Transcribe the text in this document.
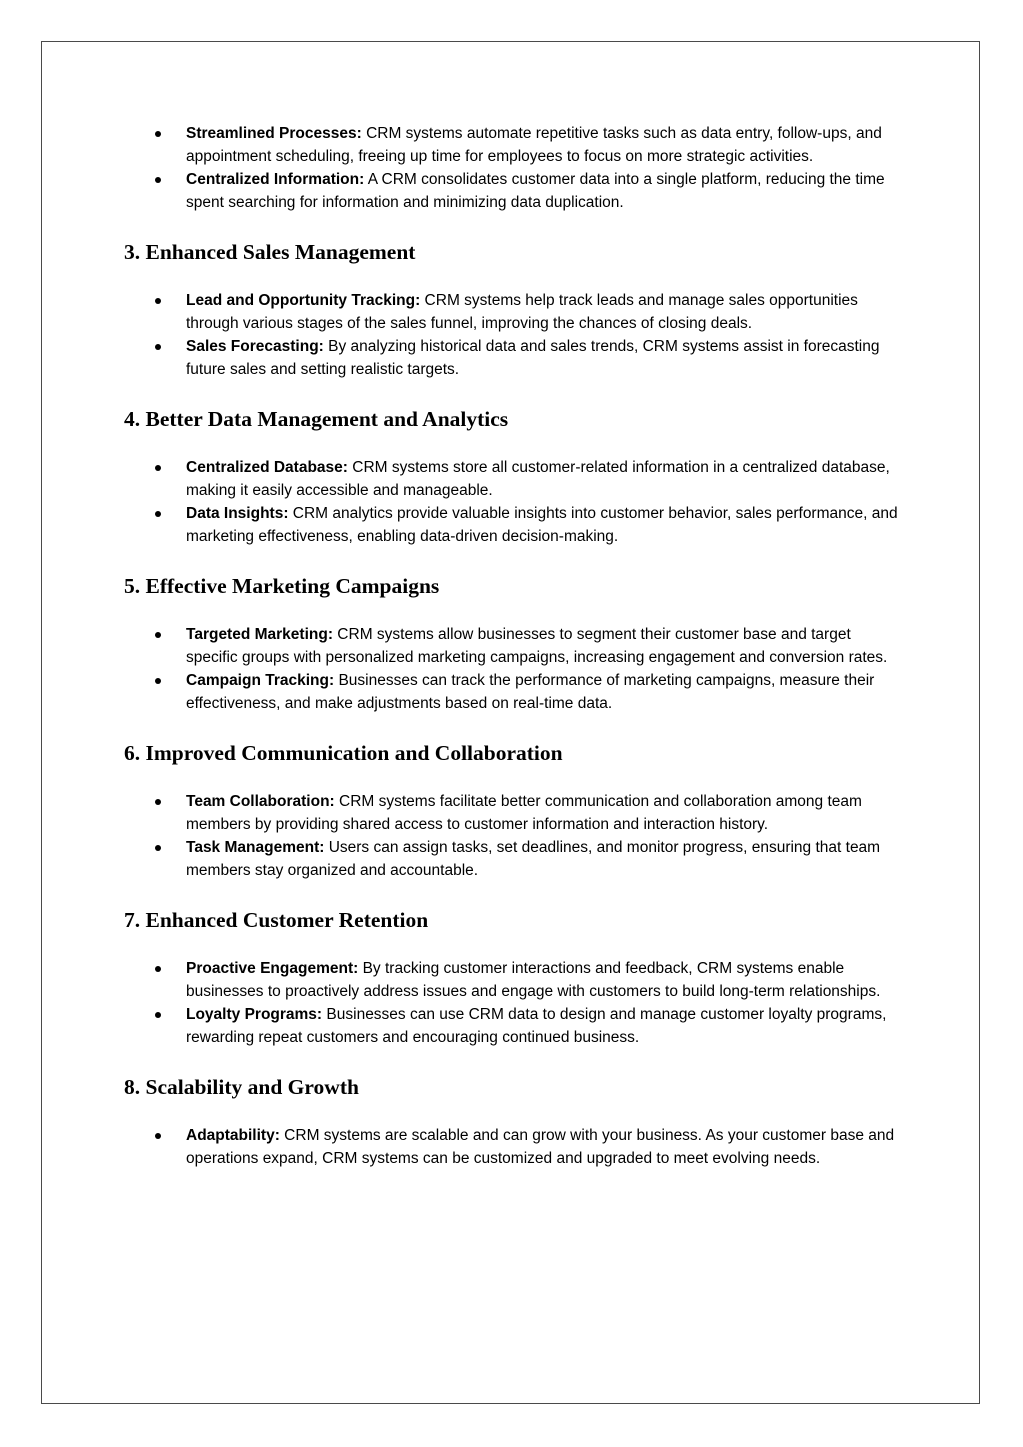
Streamlined Processes: CRM systems automate repetitive tasks such as data entry, follow-ups, and appointment scheduling, freeing up time for employees to focus on more strategic activities.
Centralized Information: A CRM consolidates customer data into a single platform, reducing the time spent searching for information and minimizing data duplication.
3. Enhanced Sales Management
Lead and Opportunity Tracking: CRM systems help track leads and manage sales opportunities through various stages of the sales funnel, improving the chances of closing deals.
Sales Forecasting: By analyzing historical data and sales trends, CRM systems assist in forecasting future sales and setting realistic targets.
4. Better Data Management and Analytics
Centralized Database: CRM systems store all customer-related information in a centralized database, making it easily accessible and manageable.
Data Insights: CRM analytics provide valuable insights into customer behavior, sales performance, and marketing effectiveness, enabling data-driven decision-making.
5. Effective Marketing Campaigns
Targeted Marketing: CRM systems allow businesses to segment their customer base and target specific groups with personalized marketing campaigns, increasing engagement and conversion rates.
Campaign Tracking: Businesses can track the performance of marketing campaigns, measure their effectiveness, and make adjustments based on real-time data.
6. Improved Communication and Collaboration
Team Collaboration: CRM systems facilitate better communication and collaboration among team members by providing shared access to customer information and interaction history.
Task Management: Users can assign tasks, set deadlines, and monitor progress, ensuring that team members stay organized and accountable.
7. Enhanced Customer Retention
Proactive Engagement: By tracking customer interactions and feedback, CRM systems enable businesses to proactively address issues and engage with customers to build long-term relationships.
Loyalty Programs: Businesses can use CRM data to design and manage customer loyalty programs, rewarding repeat customers and encouraging continued business.
8. Scalability and Growth
Adaptability: CRM systems are scalable and can grow with your business. As your customer base and operations expand, CRM systems can be customized and upgraded to meet evolving needs.
